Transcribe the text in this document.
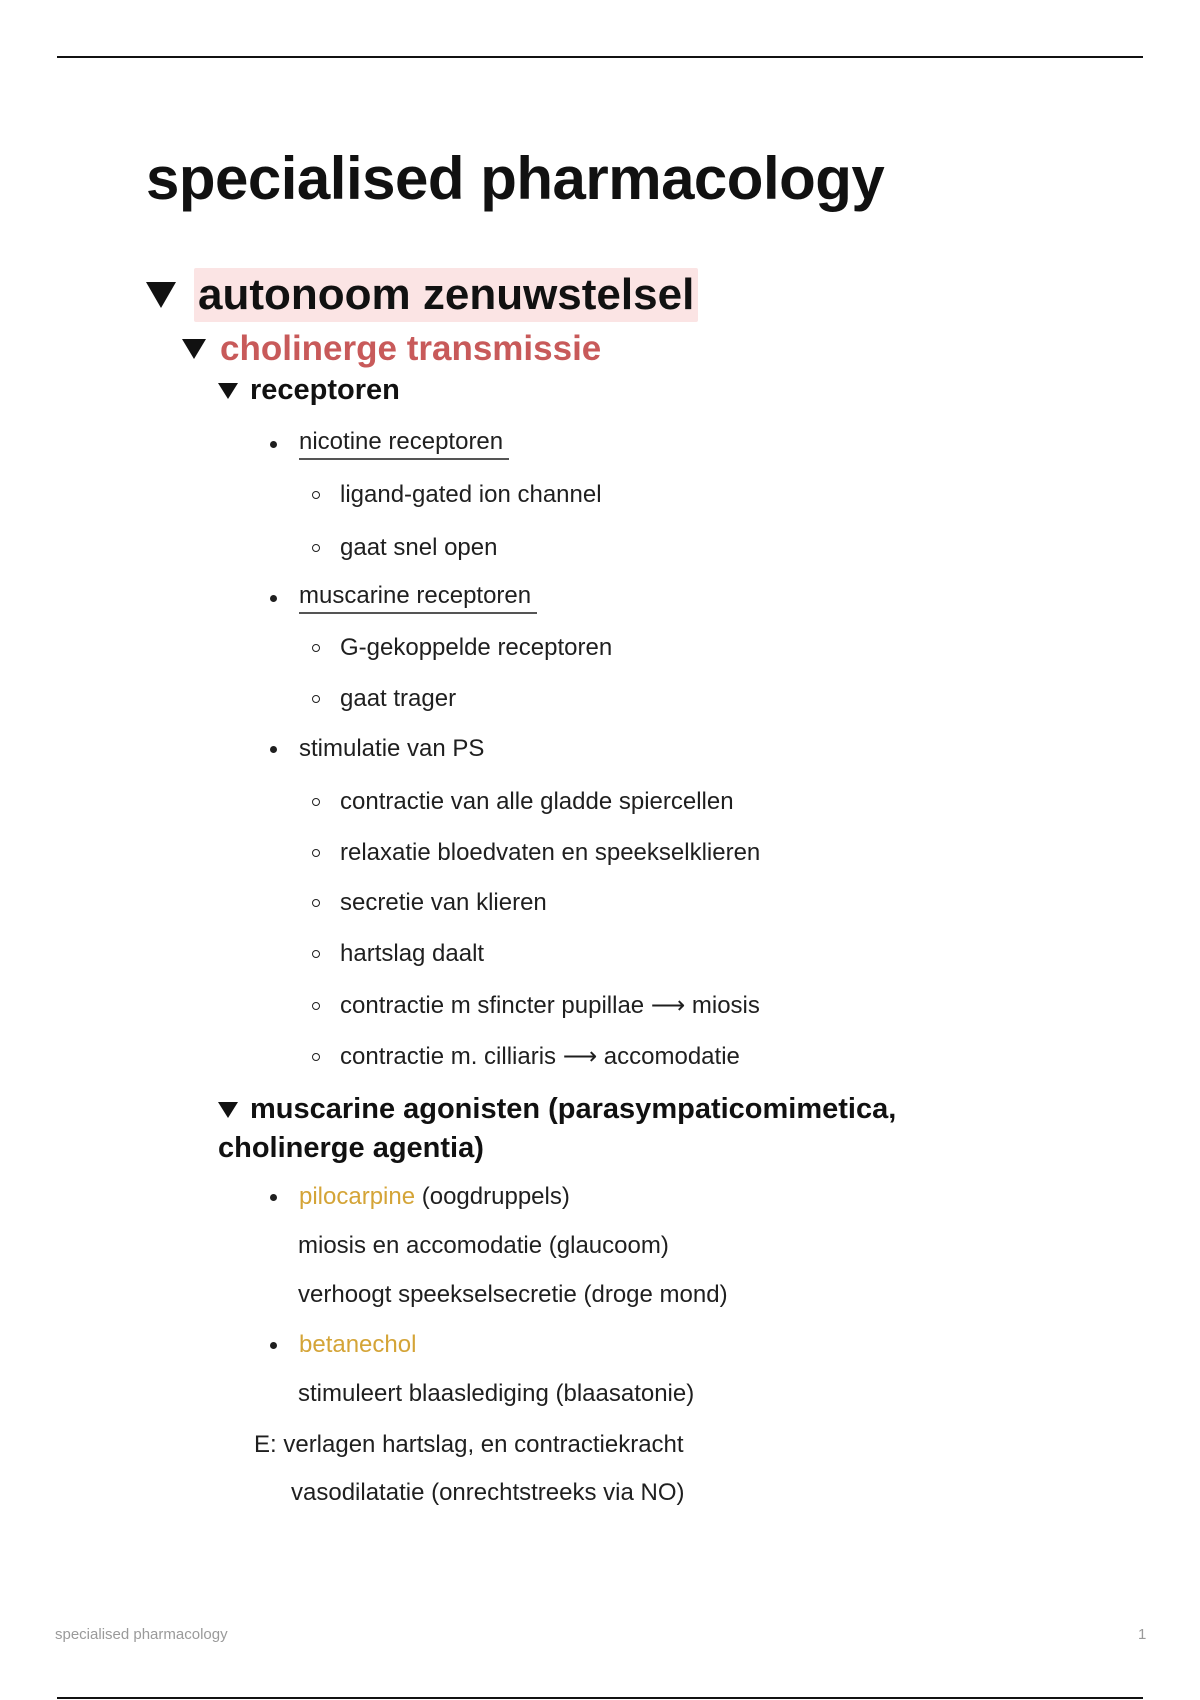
specialised pharmacology
autonoom zenuwstelsel
cholinerge transmissie
receptoren
nicotine receptoren
ligand-gated ion channel
gaat snel open
muscarine receptoren
G-gekoppelde receptoren
gaat trager
stimulatie van PS
contractie van alle gladde spiercellen
relaxatie bloedvaten en speekselklieren
secretie van klieren
hartslag daalt
contractie m sfincter pupillae ⟶ miosis
contractie m. cilliaris ⟶ accomodatie
muscarine agonisten (parasympaticomimetica,
cholinerge agentia)
pilocarpine (oogdruppels)
miosis en accomodatie (glaucoom)
verhoogt speekselsecretie (droge mond)
betanechol
stimuleert blaaslediging (blaasatonie)
E: verlagen hartslag, en contractiekracht
vasodilatatie (onrechtstreeks via NO)
specialised pharmacology	1
